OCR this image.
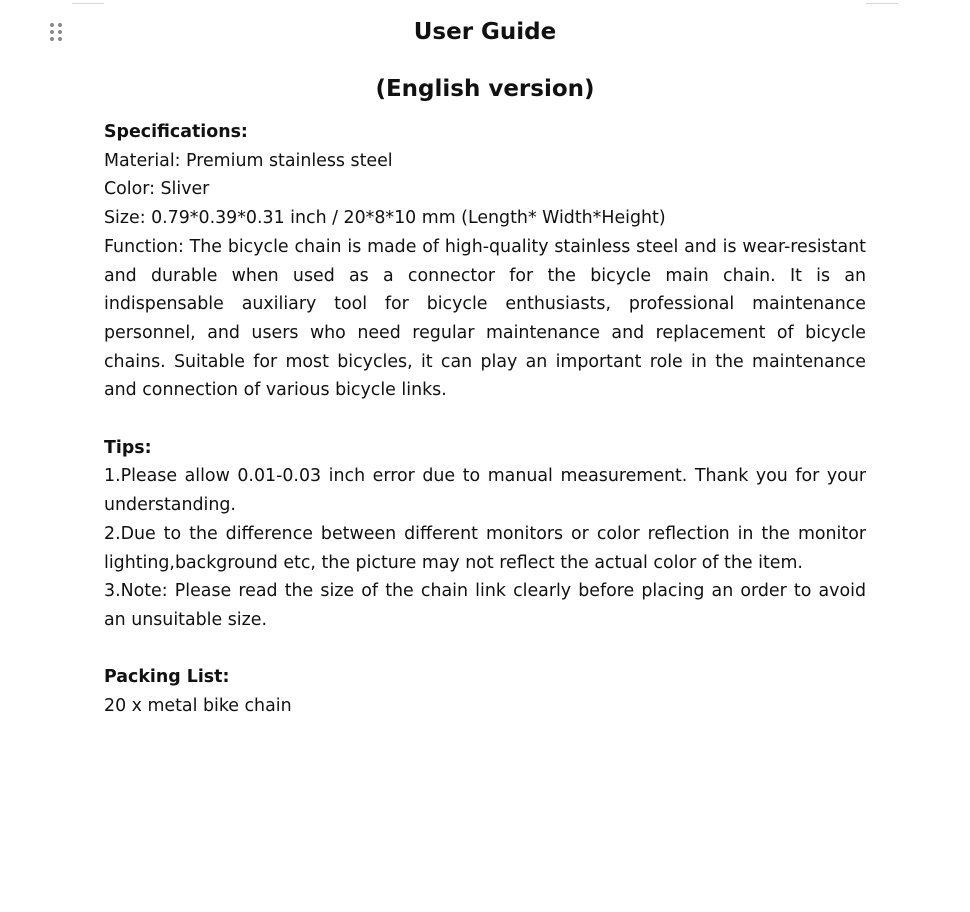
User Guide
(English version)

Specifications:

Material: Premium stainless steel

Color: Sliver

Size: 0.79*0.39*0.31 inch / 20*8*10 mm (Length* Width*Height)

Function: The bicycle chain is made of high-quality stainless steel and is wear-resistant and durable when used as a connector for the bicycle main chain. It is an indispensable auxiliary tool for bicycle enthusiasts, professional maintenance personnel, and users who need regular maintenance and replacement of bicycle chains. Suitable for most bicycles, it can play an important role in the maintenance and connection of various bicycle links.

Tips:

1.Please allow 0.01-0.03 inch error due to manual measurement. Thank you for your understanding.

2.Due to the difference between different monitors or color reflection in the monitor lighting,background etc, the picture may not reflect the actual color of the item.

3.Note: Please read the size of the chain link clearly before placing an order to avoid an unsuitable size.

Packing List:

20 x metal bike chain
